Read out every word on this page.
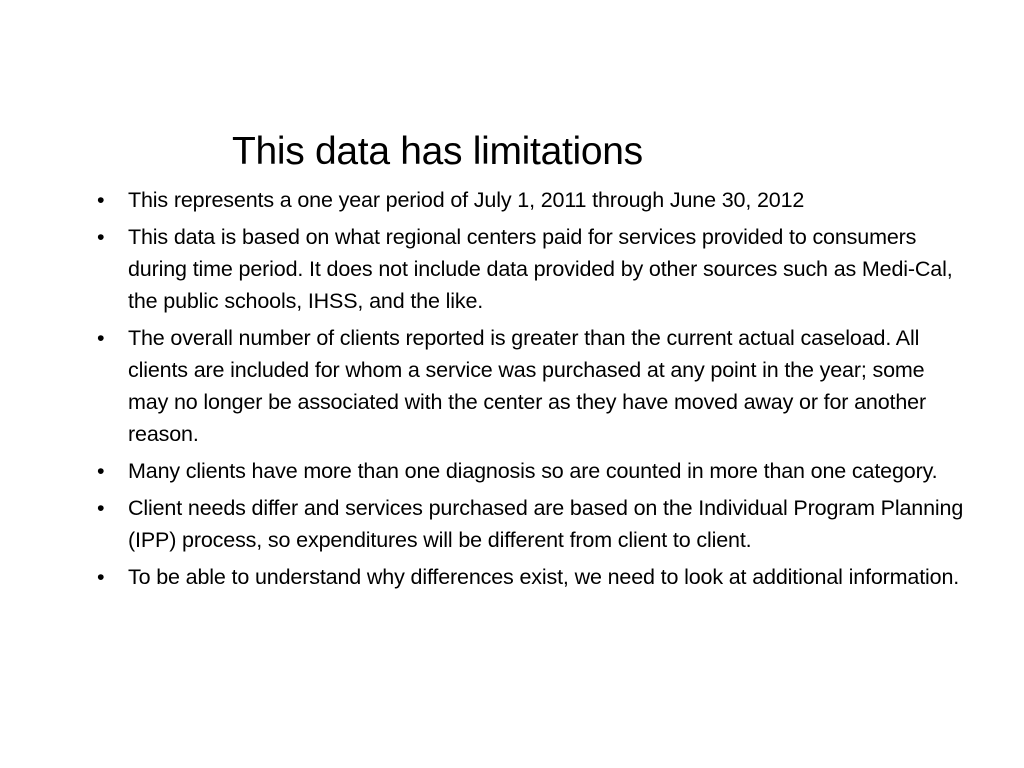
This data has limitations
•	This represents a one year period of July 1, 2011 through June 30, 2012
•	This data is based on what regional centers paid for services provided to consumers during time period. It does not include data provided by other sources such as Medi-Cal, the public schools, IHSS, and the like.
•	The overall number of clients reported is greater than the current actual caseload. All clients are included for whom a service was purchased at any point in the year; some may no longer be associated with the center as they have moved away or for another reason.
•	Many clients have more than one diagnosis so are counted in more than one category.
•	Client needs differ and services purchased are based on the Individual Program Planning (IPP) process, so expenditures will be different from client to client.
•	To be able to understand why differences exist, we need to look at additional information.
